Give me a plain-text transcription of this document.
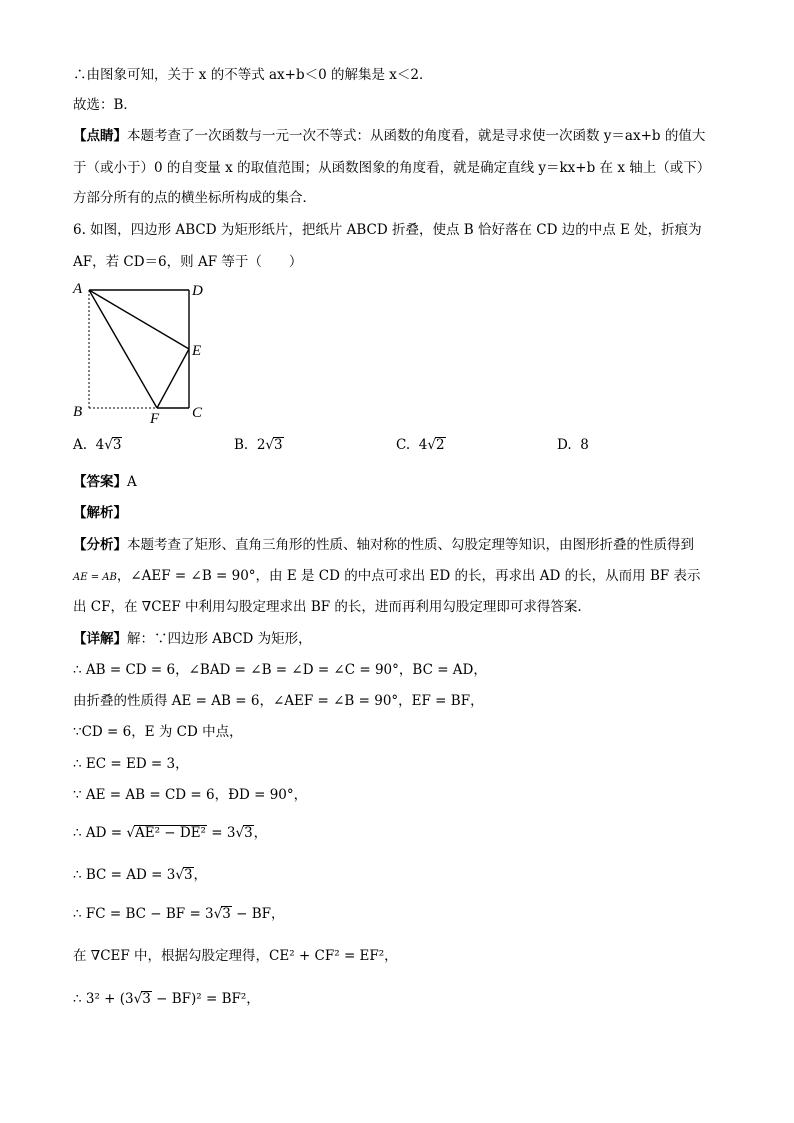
∴由图象可知，关于 x 的不等式 ax+b＜0 的解集是 x＜2．
故选：B．
【点睛】本题考查了一次函数与一元一次不等式：从函数的角度看，就是寻求使一次函数 y＝ax+b 的值大
于（或小于）0 的自变量 x 的取值范围；从函数图象的角度看，就是确定直线 y＝kx+b 在 x 轴上（或下）
方部分所有的点的横坐标所构成的集合．
6. 如图，四边形 ABCD 为矩形纸片，把纸片 ABCD 折叠，使点 B 恰好落在 CD 边的中点 E 处，折痕为
AF，若 CD＝6，则 AF 等于（　　）
A	D
E
B	C
F
A. 4√3	B. 2√3	C. 4√2	D. 8
【答案】A
【解析】
【分析】本题考查了矩形、直角三角形的性质、轴对称的性质、勾股定理等知识，由图形折叠的性质得到
AE = AB，∠AEF = ∠B = 90°，由 E 是 CD 的中点可求出 ED 的长，再求出 AD 的长，从而用 BF 表示
出 CF，在 ∇CEF 中利用勾股定理求出 BF 的长，进而再利用勾股定理即可求得答案.
【详解】解：∵四边形 ABCD 为矩形，
∴ AB = CD = 6，∠BAD = ∠B = ∠D = ∠C = 90°，BC = AD，
由折叠的性质得 AE = AB = 6，∠AEF = ∠B = 90°，EF = BF，
∵CD = 6，E 为 CD 中点，
∴ EC = ED = 3，
∵ AE = AB = CD = 6，ÐD = 90°，
∴ AD = √AE² − DE² = 3√3，
∴ BC = AD = 3√3，
∴ FC = BC − BF = 3√3 − BF，
在 ∇CEF 中，根据勾股定理得，CE² + CF² = EF²，
∴ 3² + (3√3 − BF)² = BF²，
